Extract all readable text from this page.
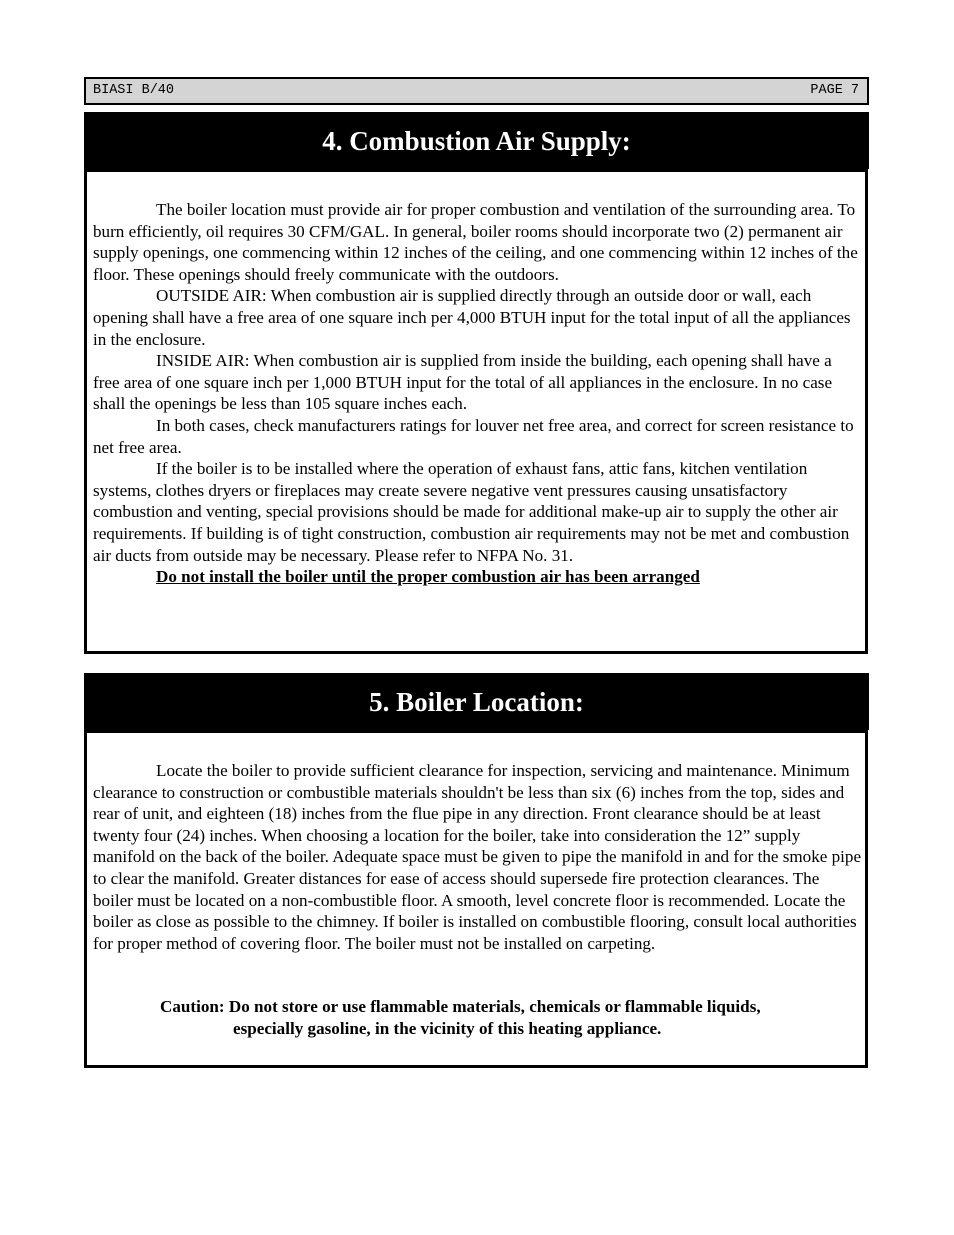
BIASI B/40	PAGE 7
4. Combustion Air Supply:

The boiler location must provide air for proper combustion and ventilation of the surrounding area. To burn efficiently, oil requires 30 CFM/GAL. In general, boiler rooms should incorporate two (2) permanent air supply openings, one commencing within 12 inches of the ceiling, and one commencing within 12 inches of the floor. These openings should freely communicate with the outdoors.

OUTSIDE AIR: When combustion air is supplied directly through an outside door or wall, each opening shall have a free area of one square inch per 4,000 BTUH input for the total input of all the appliances in the enclosure.

INSIDE AIR: When combustion air is supplied from inside the building, each opening shall have a free area of one square inch per 1,000 BTUH input for the total of all appliances in the enclosure. In no case shall the openings be less than 105 square inches each.

In both cases, check manufacturers ratings for louver net free area, and correct for screen resistance to net free area.

If the boiler is to be installed where the operation of exhaust fans, attic fans, kitchen ventilation systems, clothes dryers or fireplaces may create severe negative vent pressures causing unsatisfactory combustion and venting, special provisions should be made for additional make-up air to supply the other air requirements. If building is of tight construction, combustion air requirements may not be met and combustion air ducts from outside may be necessary. Please refer to NFPA No. 31.

Do not install the boiler until the proper combustion air has been arranged

5. Boiler Location:

Locate the boiler to provide sufficient clearance for inspection, servicing and maintenance. Minimum clearance to construction or combustible materials shouldn't be less than six (6) inches from the top, sides and rear of unit, and eighteen (18) inches from the flue pipe in any direction. Front clearance should be at least twenty four (24) inches. When choosing a location for the boiler, take into consideration the 12” supply manifold on the back of the boiler. Adequate space must be given to pipe the manifold in and for the smoke pipe to clear the manifold. Greater distances for ease of access should supersede fire protection clearances. The boiler must be located on a non-combustible floor. A smooth, level concrete floor is recommended. Locate the boiler as close as possible to the chimney. If boiler is installed on combustible flooring, consult local authorities for proper method of covering floor. The boiler must not be installed on carpeting.

Caution: Do not store or use flammable materials, chemicals or flammable liquids,
especially gasoline, in the vicinity of this heating appliance.
